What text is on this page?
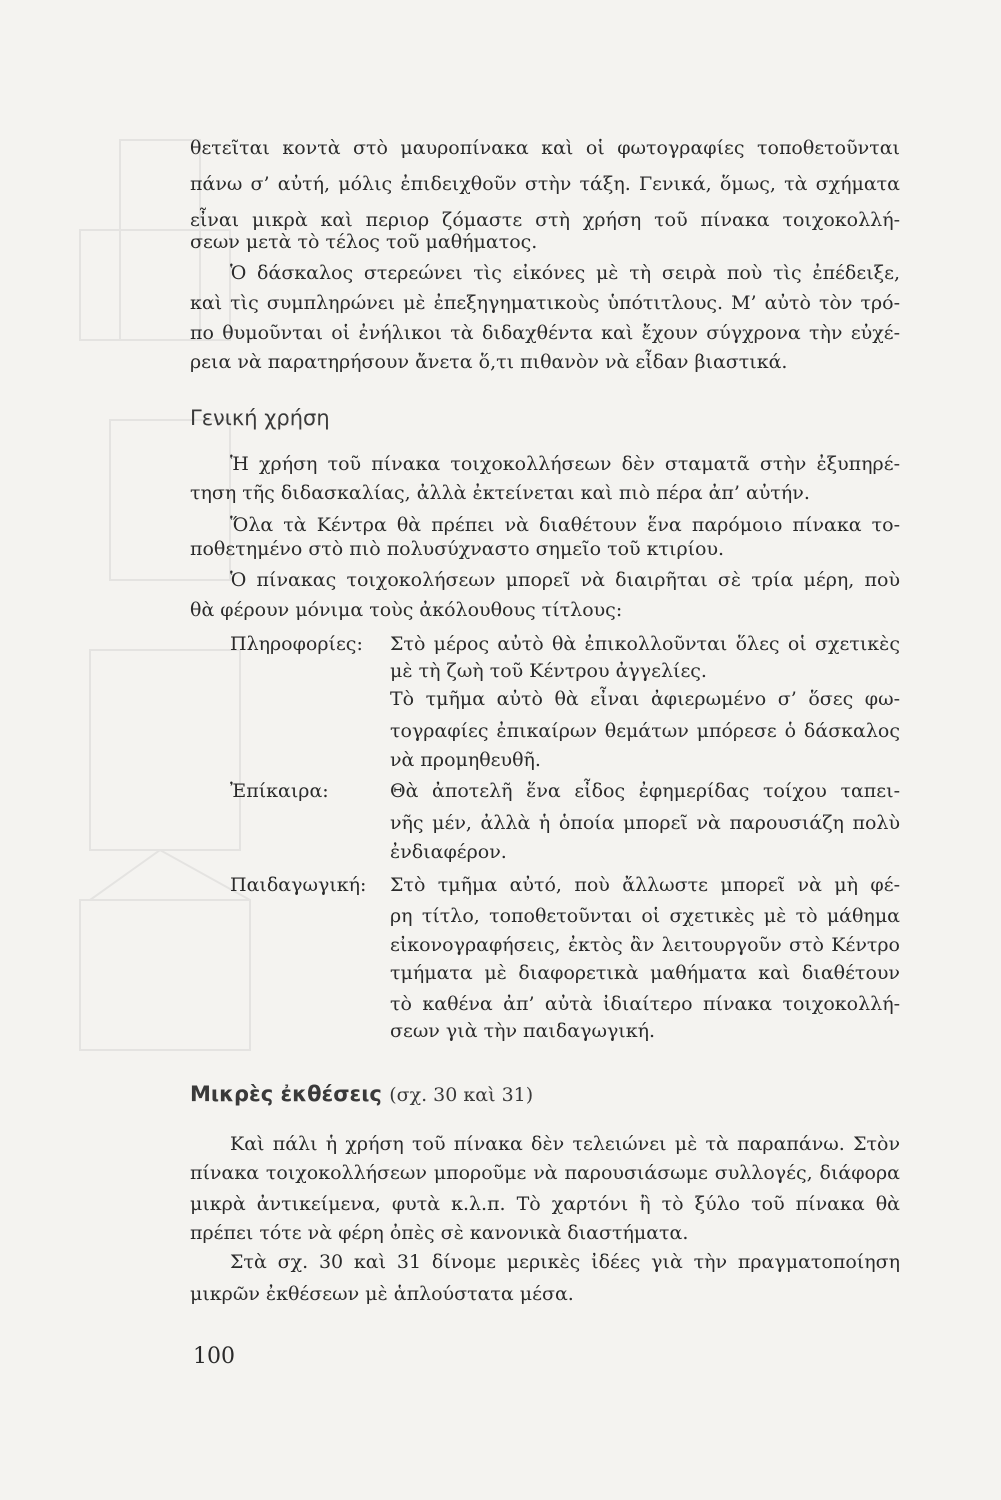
θετεῖται κοντὰ στὸ μαυροπίνακα καὶ οἱ φωτογραφίες τοποθετοῦνται
πάνω σ’ αὐτή, μόλις ἐπιδειχθοῦν στὴν τάξη. Γενικά, ὅμως, τὰ σχήματα
εἶναι μικρὰ καὶ περιορ ζόμαστε στὴ χρήση τοῦ πίνακα τοιχοκολλή-
σεων μετὰ τὸ τέλος τοῦ μαθήματος.
Ὁ δάσκαλος στερεώνει τὶς εἰκόνες μὲ τὴ σειρὰ ποὺ τὶς ἐπέδειξε,
καὶ τὶς συμπληρώνει μὲ ἐπεξηγηματικοὺς ὑπότιτλους. Μ’ αὐτὸ τὸν τρό-
πο θυμοῦνται οἱ ἐνήλικοι τὰ διδαχθέντα καὶ ἔχουν σύγχρονα τὴν εὐχέ-
ρεια νὰ παρατηρήσουν ἄνετα ὅ,τι πιθανὸν νὰ εἶδαν βιαστικά.
Γενική χρήση
Ἡ χρήση τοῦ πίνακα τοιχοκολλήσεων δὲν σταματᾶ στὴν ἐξυπηρέ-
τηση τῆς διδασκαλίας, ἀλλὰ ἐκτείνεται καὶ πιὸ πέρα ἀπ’ αὐτήν.
Ὅλα τὰ Κέντρα θὰ πρέπει νὰ διαθέτουν ἕνα παρόμοιο πίνακα το-
ποθετημένο στὸ πιὸ πολυσύχναστο σημεῖο τοῦ κτιρίου.
Ὁ πίνακας τοιχοκολήσεων μπορεῖ νὰ διαιρῆται σὲ τρία μέρη, ποὺ
θὰ φέρουν μόνιμα τοὺς ἀκόλουθους τίτλους:
Πληροφορίες: Στὸ μέρος αὐτὸ θὰ ἐπικολλοῦνται ὅλες οἱ σχετικὲς
μὲ τὴ ζωὴ τοῦ Κέντρου ἀγγελίες.
Τὸ τμῆμα αὐτὸ θὰ εἶναι ἀφιερωμένο σ’ ὅσες φω-
τογραφίες ἐπικαίρων θεμάτων μπόρεσε ὁ δάσκαλος
νὰ προμηθευθῆ.
Ἐπίκαιρα:	Θὰ ἀποτελῆ ἕνα εἶδος ἐφημερίδας τοίχου ταπει-
νῆς μέν, ἀλλὰ ἡ ὁποία μπορεῖ νὰ παρουσιάζη πολὺ
ἐνδιαφέρον.
Παιδαγωγική: Στὸ τμῆμα αὐτό, ποὺ ἄλλωστε μπορεῖ νὰ μὴ φέ-
ρη τίτλο, τοποθετοῦνται οἱ σχετικὲς μὲ τὸ μάθημα
εἰκονογραφήσεις, ἐκτὸς ἂν λειτουργοῦν στὸ Κέντρο
τμήματα μὲ διαφορετικὰ μαθήματα καὶ διαθέτουν
τὸ καθένα ἀπ’ αὐτὰ ἰδιαίτερο πίνακα τοιχοκολλή-
σεων γιὰ τὴν παιδαγωγική.
Μικρὲς ἐκθέσεις (σχ. 30 καὶ 31)
Καὶ πάλι ἡ χρήση τοῦ πίνακα δὲν τελειώνει μὲ τὰ παραπάνω. Στὸν
πίνακα τοιχοκολλήσεων μποροῦμε νὰ παρουσιάσωμε συλλογές, διάφορα
μικρὰ ἀντικείμενα, φυτὰ κ.λ.π. Τὸ χαρτόνι ἢ τὸ ξύλο τοῦ πίνακα θὰ
πρέπει τότε νὰ φέρη ὀπὲς σὲ κανονικὰ διαστήματα.
Στὰ σχ. 30 καὶ 31 δίνομε μερικὲς ἰδέες γιὰ τὴν πραγματοποίηση
μικρῶν ἐκθέσεων μὲ ἁπλούστατα μέσα.
100
